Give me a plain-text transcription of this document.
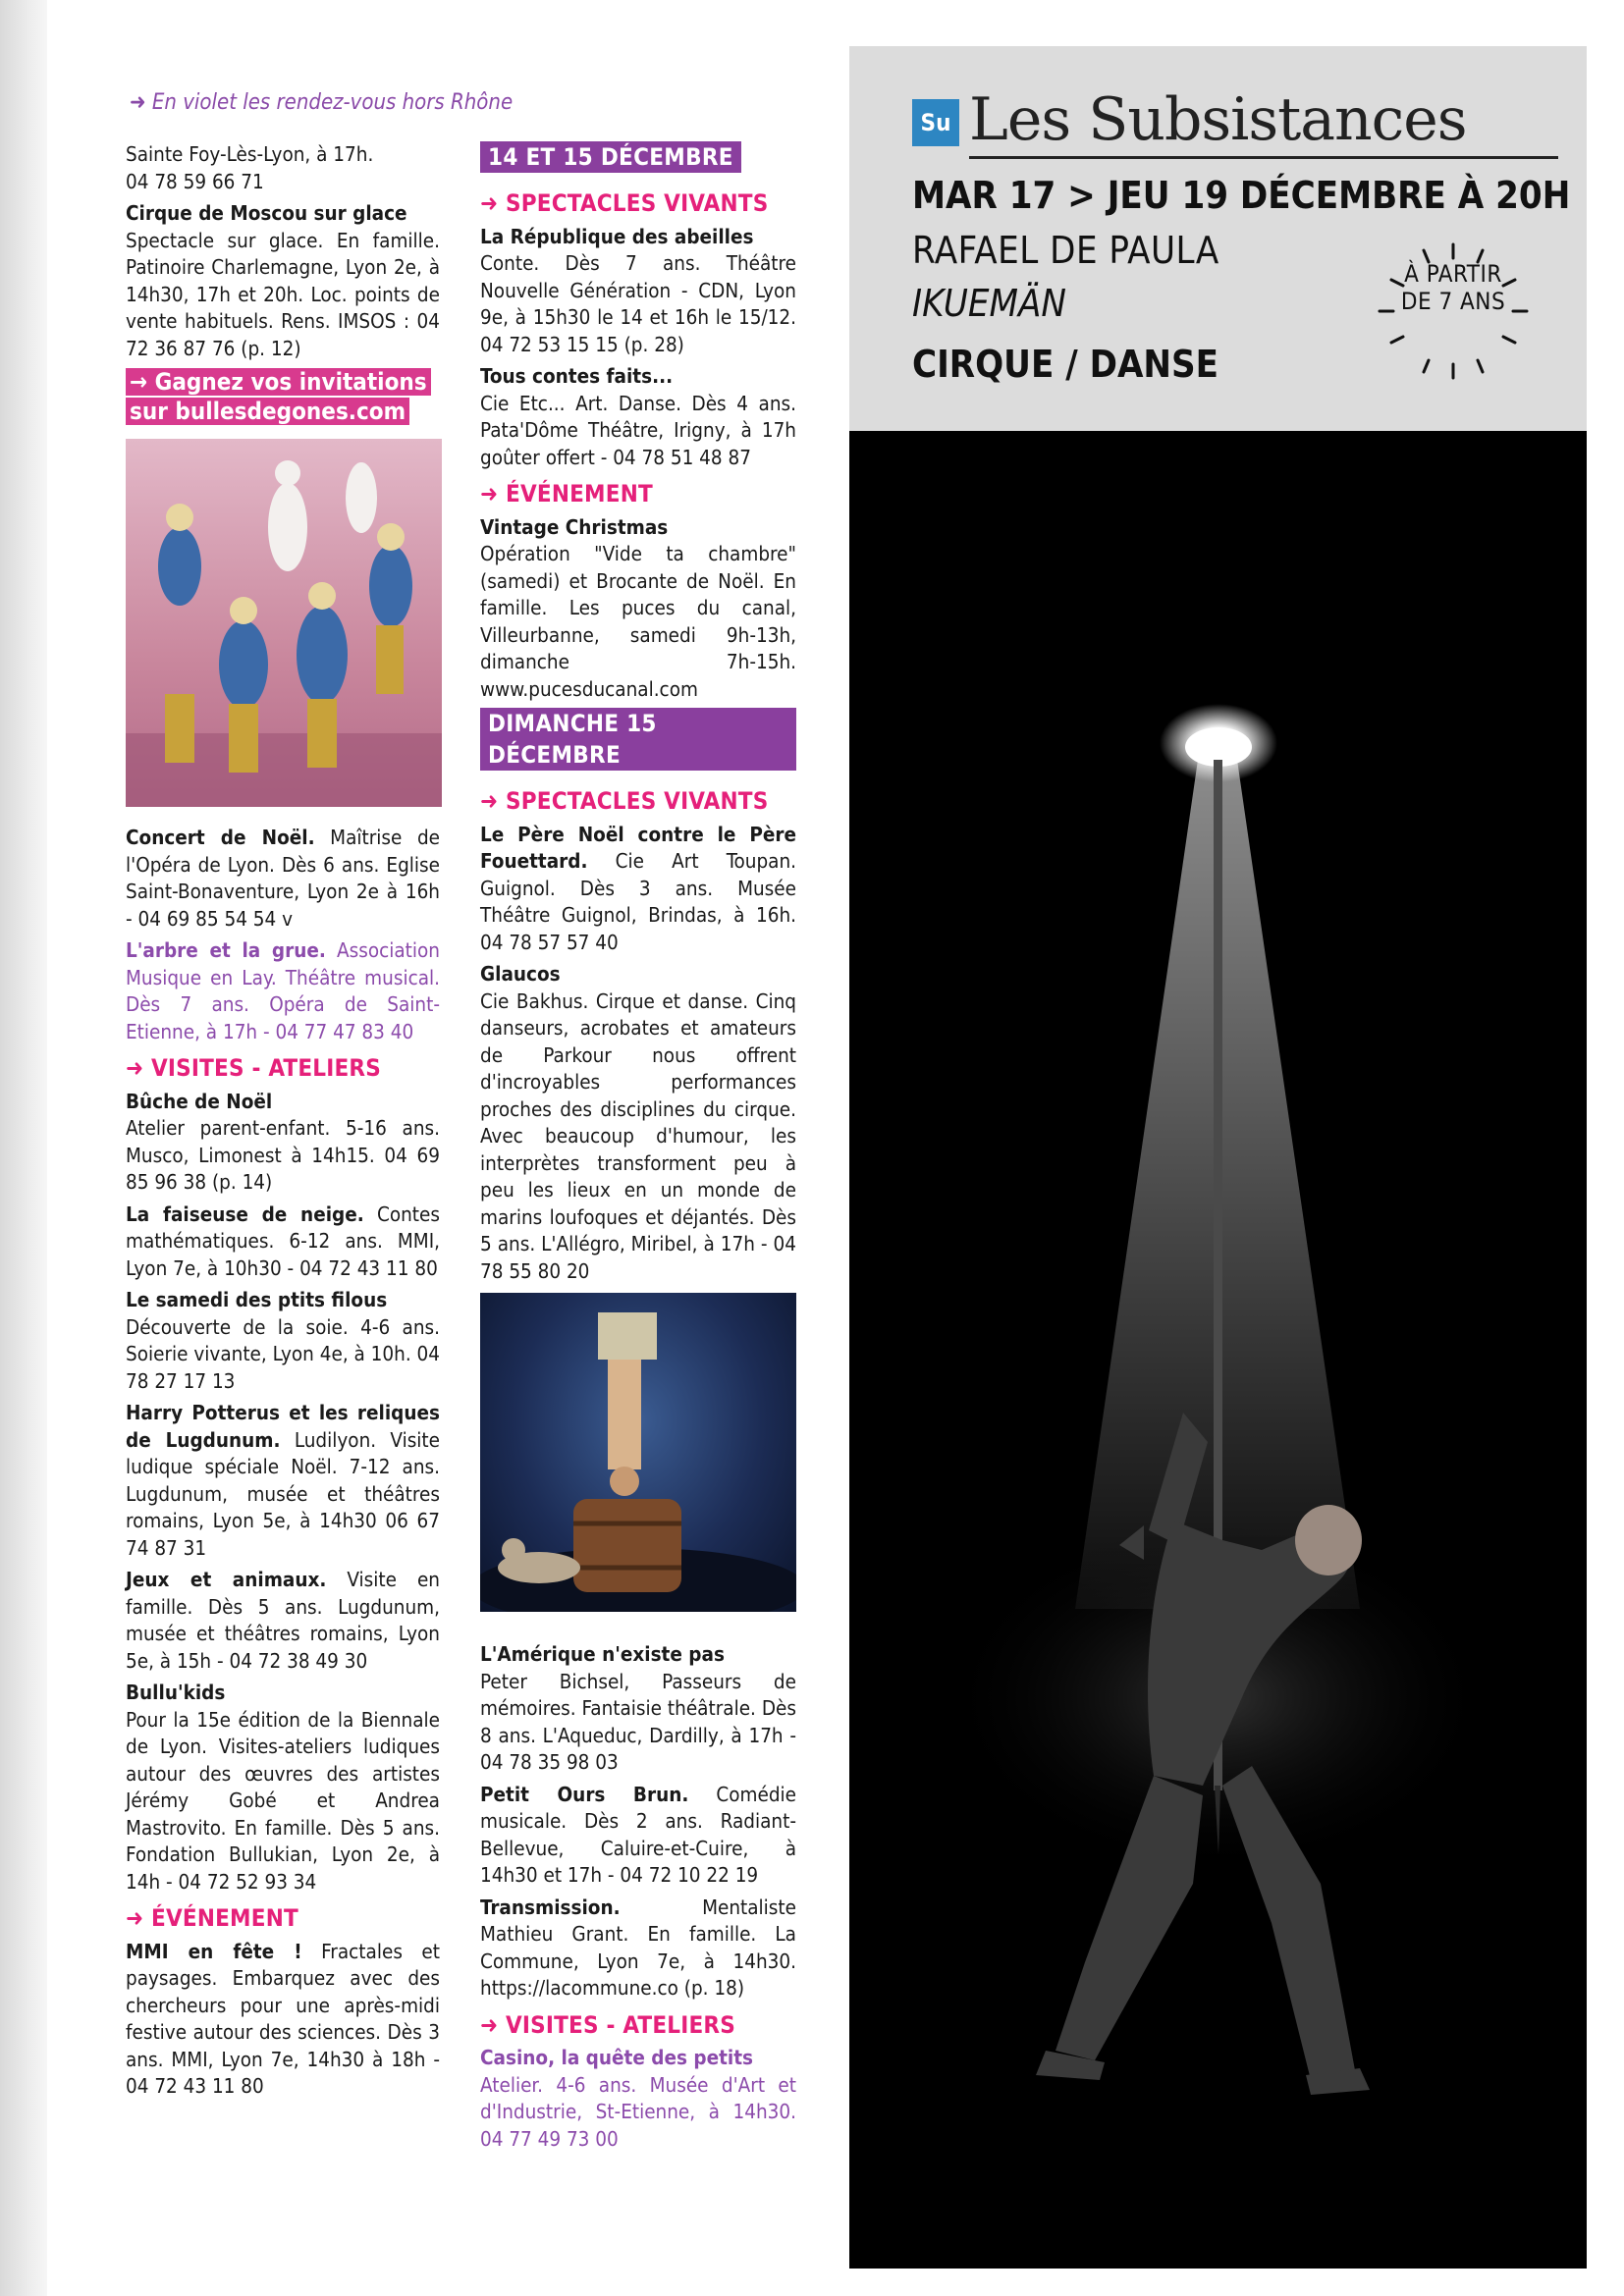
➜ En violet les rendez-vous hors Rhône
Sainte Foy-Lès-Lyon, à 17h.
04 78 59 66 71
Cirque de Moscou sur glace
Spectacle sur glace. En famille. Patinoire Charlemagne, Lyon 2e, à 14h30, 17h et 20h. Loc. points de vente habituels. Rens. IMSOS : 04 72 36 87 76 (p. 12)
→ Gagnez vos invitations
sur bullesdegones.com
Concert de Noël. Maîtrise de l'Opéra de Lyon. Dès 6 ans. Eglise Saint-Bonaventure, Lyon 2e à 16h - 04 69 85 54 54 v
L'arbre et la grue. Association Musique en Lay. Théâtre musical. Dès 7 ans. Opéra de Saint-Etienne, à 17h - 04 77 47 83 40
➜ VISITES - ATELIERS
Bûche de Noël
Atelier parent-enfant. 5-16 ans. Musco, Limonest à 14h15. 04 69 85 96 38 (p. 14)
La faiseuse de neige. Contes mathématiques. 6-12 ans. MMI, Lyon 7e, à 10h30 - 04 72 43 11 80
Le samedi des ptits filous
Découverte de la soie. 4-6 ans. Soierie vivante, Lyon 4e, à 10h. 04 78 27 17 13
Harry Potterus et les reliques de Lugdunum. Ludilyon. Visite ludique spéciale Noël. 7-12 ans. Lugdunum, musée et théâtres romains, Lyon 5e, à 14h30 06 67 74 87 31
Jeux et animaux. Visite en famille. Dès 5 ans. Lugdunum, musée et théâtres romains, Lyon 5e, à 15h - 04 72 38 49 30
Bullu'kids
Pour la 15e édition de la Biennale de Lyon. Visites-ateliers ludiques autour des œuvres des artistes Jérémy Gobé et Andrea Mastrovito. En famille. Dès 5 ans. Fondation Bullukian, Lyon 2e, à 14h - 04 72 52 93 34
➜ ÉVÉNEMENT
MMI en fête ! Fractales et paysages. Embarquez avec des chercheurs pour une après-midi festive autour des sciences. Dès 3 ans. MMI, Lyon 7e, 14h30 à 18h - 04 72 43 11 80
14 ET 15 DÉCEMBRE
➜ SPECTACLES VIVANTS
La République des abeilles
Conte. Dès 7 ans. Théâtre Nouvelle Génération - CDN, Lyon 9e, à 15h30 le 14 et 16h le 15/12. 04 72 53 15 15 (p. 28)
Tous contes faits...
Cie Etc... Art. Danse. Dès 4 ans. Pata'Dôme Théâtre, Irigny, à 17h goûter offert - 04 78 51 48 87
➜ ÉVÉNEMENT
Vintage Christmas
Opération "Vide ta chambre" (samedi) et Brocante de Noël. En famille. Les puces du canal, Villeurbanne, samedi 9h-13h, dimanche 7h-15h. www.pucesducanal.com
DIMANCHE 15 DÉCEMBRE
➜ SPECTACLES VIVANTS
Le Père Noël contre le Père Fouettard. Cie Art Toupan. Guignol. Dès 3 ans. Musée Théâtre Guignol, Brindas, à 16h. 04 78 57 57 40
Glaucos
Cie Bakhus. Cirque et danse. Cinq danseurs, acrobates et amateurs de Parkour nous offrent d'incroyables performances proches des disciplines du cirque. Avec beaucoup d'humour, les interprètes transforment peu à peu les lieux en un monde de marins loufoques et déjantés. Dès 5 ans. L'Allégro, Miribel, à 17h - 04 78 55 80 20
L'Amérique n'existe pas
Peter Bichsel, Passeurs de mémoires. Fantaisie théâtrale. Dès 8 ans. L'Aqueduc, Dardilly, à 17h - 04 78 35 98 03
Petit Ours Brun. Comédie musicale. Dès 2 ans. Radiant-Bellevue, Caluire-et-Cuire, à 14h30 et 17h - 04 72 10 22 19
Transmission.	Mentaliste Mathieu Grant. En famille. La Commune, Lyon 7e, à 14h30. https://lacommune.co (p. 18)
➜ VISITES - ATELIERS
Casino, la quête des petits
Atelier. 4-6 ans. Musée d'Art et d'Industrie, St-Etienne, à 14h30. 04 77 49 73 00
Su Les Subsistances
MAR 17 > JEU 19 DÉCEMBRE À 20H
RAFAEL DE PAULA
IKUEMÄN
CIRQUE / DANSE
À PARTIR
DE 7 ANS
